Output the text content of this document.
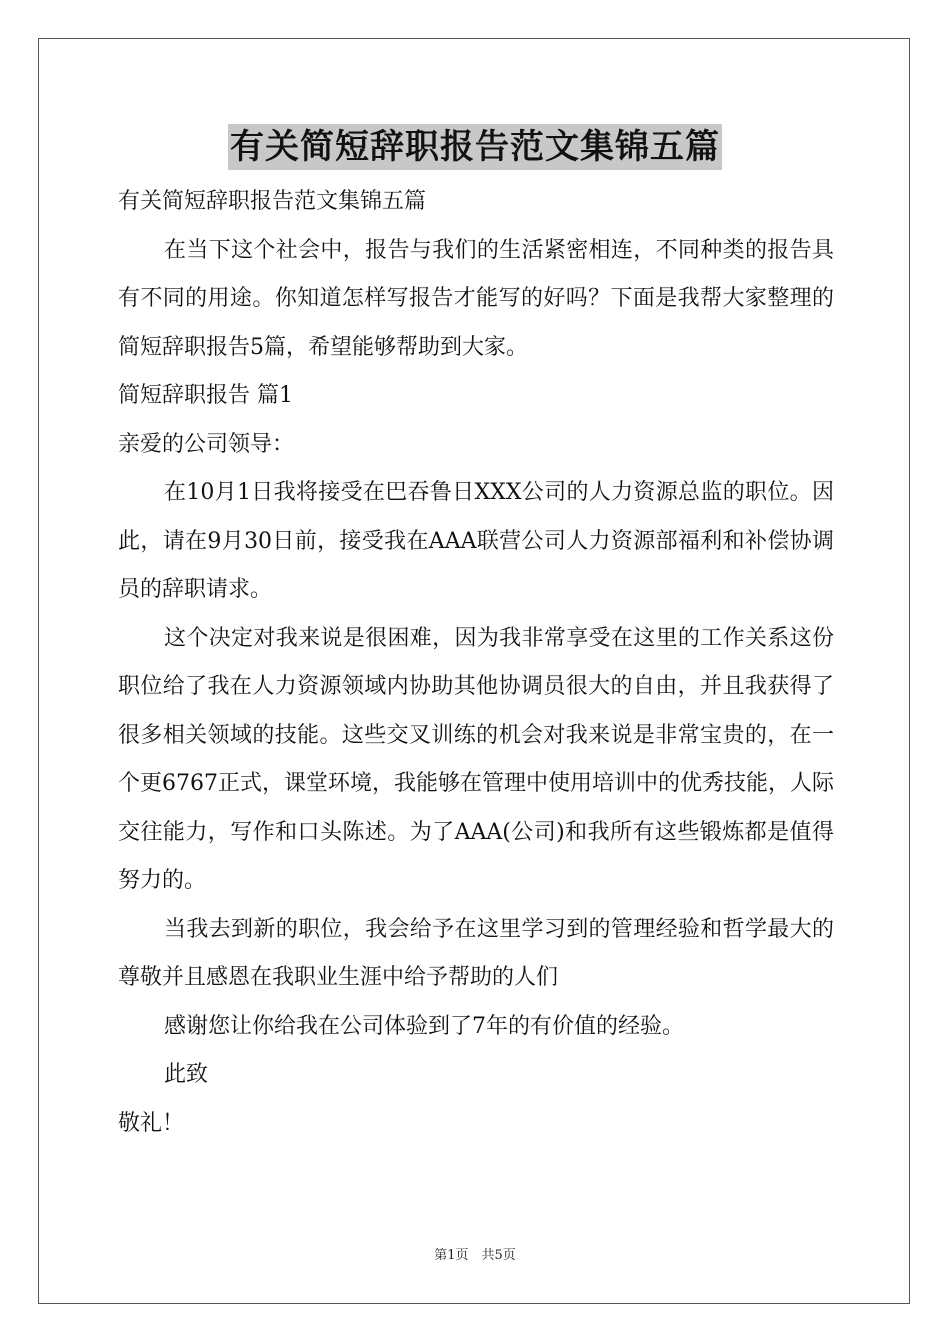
有关简短辞职报告范文集锦五篇

有关简短辞职报告范文集锦五篇

在当下这个社会中，报告与我们的生活紧密相连，不同种类的报告具有不同的用途。你知道怎样写报告才能写的好吗？下面是我帮大家整理的简短辞职报告5篇，希望能够帮助到大家。

简短辞职报告 篇1

亲爱的公司领导：

在10月1日我将接受在巴吞鲁日XXX公司的人力资源总监的职位。因此，请在9月30日前，接受我在AAA联营公司人力资源部福利和补偿协调员的辞职请求。

这个决定对我来说是很困难，因为我非常享受在这里的工作关系这份职位给了我在人力资源领域内协助其他协调员很大的自由，并且我获得了很多相关领域的技能。这些交叉训练的机会对我来说是非常宝贵的，在一个更6767正式，课堂环境，我能够在管理中使用培训中的优秀技能，人际交往能力，写作和口头陈述。为了AAA(公司)和我所有这些锻炼都是值得努力的。

当我去到新的职位，我会给予在这里学习到的管理经验和哲学最大的尊敬并且感恩在我职业生涯中给予帮助的人们

感谢您让你给我在公司体验到了7年的有价值的经验。

此致

敬礼！

第1页　共5页
